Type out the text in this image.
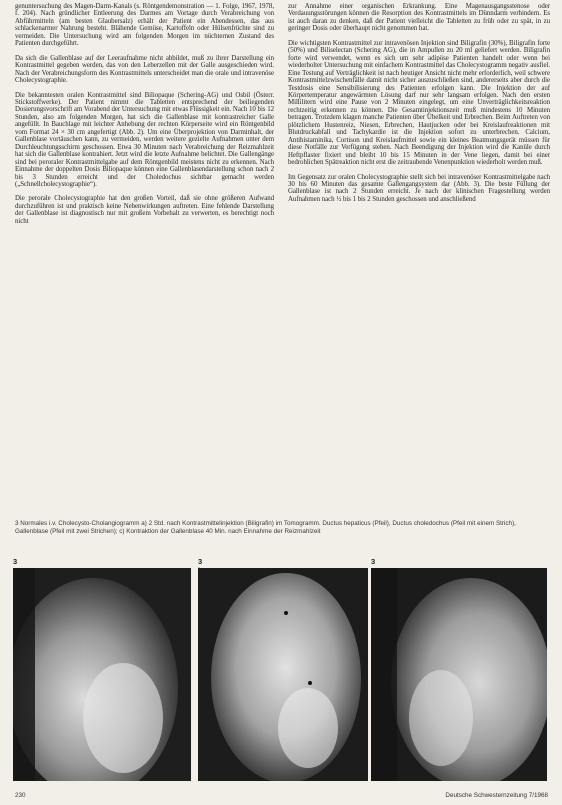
genuntersuchung des Magen-Darm-Kanals (s. Röntgendemonstration — 1. Folge, 1967, 1978, f. 204). Nach gründlicher Entleerung des Darmes am Vortage durch Verabreichung von Abführmitteln (am besten Glaubersalz) erhält der Patient ein Abendessen, das aus schlackenarmer Nahrung besteht. Blähende Gemüse, Kartoffeln oder Hülsenfrüchte sind zu vermeiden. Die Untersuchung wird am folgenden Morgen im nüchternen Zustand des Patienten durchgeführt.

Da sich die Gallenblase auf der Leeraufnahme nicht abbildet, muß zu ihrer Darstellung ein Kontrastmittel gegeben werden, das von den Leberzellen mit der Galle ausgeschieden wird. Nach der Verabreichungsform des Kontrastmittels unterscheidet man die orale und intravenöse Cholecystographie.

Die bekanntesten oralen Kontrastmittel sind Biliopaque (Schering-AG) und Osbil (Österr. Stickstoffwerke). Der Patient nimmt die Tabletten entsprechend der beiliegenden Dosierungsvorschrift am Vorabend der Untersuchung mit etwas Flüssigkeit ein. Nach 10 bis 12 Stunden, also am folgenden Morgen, hat sich die Gallenblase mit kontrastreicher Galle angefüllt. In Bauchlage mit leichter Anhebung der rechten Körperseite wird ein Röntgenbild vom Format 24 × 30 cm angefertigt (Abb. 2). Um eine Überprojektion von Darminhalt, der Gallenblase vortäuschen kann, zu vermeiden, werden weitere gezielte Aufnahmen unter dem Durchleuchtungsschirm geschossen. Etwa 30 Minuten nach Verabreichung der Reizmahlzeit hat sich die Gallenblase kontrahiert. Jetzt wird die letzte Aufnahme belichtet. Die Gallengänge sind bei peroraler Kontrastmittelgabe auf dem Röntgenbild meistens nicht zu erkennen. Nach Einnahme der doppelten Dosis Biliopaque können eine Gallenblasendarstellung schon nach 2 bis 3 Stunden erreicht und der Choledochus sichtbar gemacht werden („Schnellcholecystographie“).

Die perorale Cholecystographie hat den großen Vorteil, daß sie ohne größeren Aufwand durchzuführen ist und praktisch keine Nebenwirkungen auftreten. Eine fehlende Darstellung der Gallenblase ist diagnostisch nur mit großem Vorbehalt zu verwerten, es berechtigt noch nicht

zur Annahme einer organischen Erkrankung. Eine Magenausgangsstenose oder Verdauungsstörungen können die Resorption des Kontrastmittels im Dünndarm verhindern. Es ist auch daran zu denken, daß der Patient vielleicht die Tabletten zu früh oder zu spät, in zu geringer Dosis oder überhaupt nicht genommen hat.

Die wichtigsten Kontrastmittel zur intravenösen Injektion sind Biligrafin (30%), Biligrafin forte (50%) und Biliselectan (Schering AG), die in Ampullen zu 20 ml geliefert werden. Biligrafin forte wird verwendet, wenn es sich um sehr adipöse Patienten handelt oder wenn bei wiederholter Untersuchung mit einfachem Kontrastmittel das Cholecystogramm negativ ausfiel. Eine Testung auf Verträglichkeit ist nach heutiger Ansicht nicht mehr erforderlich, weil schwere Kontrastmittelzwischenfälle damit nicht sicher auszuschließen sind, andererseits aber durch die Testdosis eine Sensibilisierung des Patienten erfolgen kann. Die Injektion der auf Körpertemperatur angewärmten Lösung darf nur sehr langsam erfolgen. Nach den ersten Millilitern wird eine Pause von 2 Minuten eingelegt, um eine Unverträglichkeitsreaktion rechtzeitig erkennen zu können. Die Gesamtinjektionszeit muß mindestens 10 Minuten betragen. Trotzdem klagen manche Patienten über Übelkeit und Erbrechen. Beim Auftreten von plötzlichem Hustenreiz, Niesen, Erbrechen, Hautjucken oder bei Kreislaufreaktionen mit Blutdruckabfall und Tachykardie ist die Injektion sofort zu unterbrechen. Calcium, Antihistaminika, Cortison und Kreislaufmittel sowie ein kleines Beatmungsgerät müssen für diese Notfälle zur Verfügung stehen. Nach Beendigung der Injektion wird die Kanüle durch Heftpflaster fixiert und bleibt 10 bis 15 Minuten in der Vene liegen, damit bei einer bedrohlichen Spätreaktion nicht erst die zeitraubende Venenpunktion wiederholt werden muß.

Im Gegensatz zur oralen Cholecystographie stellt sich bei intravenöser Kontrastmittelgabe nach 30 bis 60 Minuten das gesamte Gallengangsystem dar (Abb. 3). Die beste Füllung der Gallenblase ist nach 2 Stunden erreicht. Je nach der klinischen Fragestellung werden Aufnahmen nach ½ bis 1 bis 2 Stunden geschossen und anschließend

3 Normales i.v. Cholecysto-Cholangiogramm a) 2 Std. nach Kontrastmittelinjektion (Biligrafin) im Tomogramm. Ductus hepaticus (Pfeil), Ductus choledochus (Pfeil mit einem Strich), Gallenblase (Pfeil mit zwei Strichen); c) Kontraktion der Gallenblase 40 Min. nach Einnahme der Reizmahlzeit
3	3	3
230	Deutsche Schwesternzeitung 7/1968
